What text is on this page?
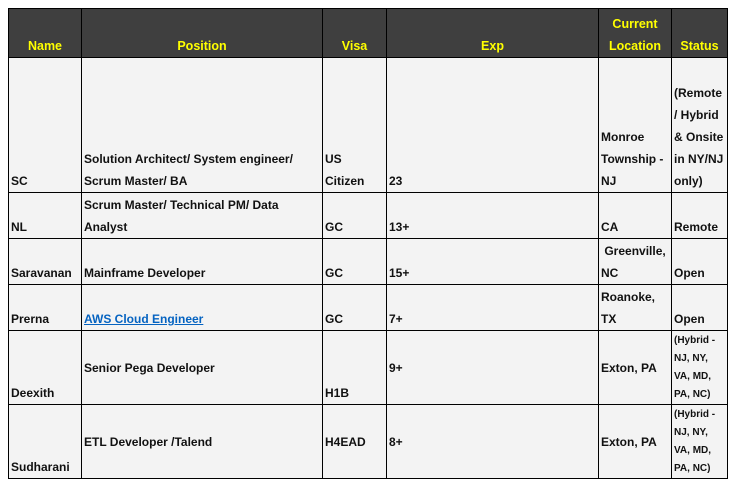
Name	Position	Visa	Exp	Current Location	Status
SC	Solution Architect/ System engineer/ Scrum Master/ BA	US Citizen	23	Monroe Township - NJ	(Remote / Hybrid & Onsite in NY/NJ only)
NL	Scrum Master/ Technical PM/ Data Analyst	GC	13+	CA	Remote
Saravanan	Mainframe Developer	GC	15+	Greenville, NC	Open
Prerna	AWS Cloud Engineer	GC	7+	Roanoke, TX	Open
Deexith	Senior Pega Developer	H1B	9+	Exton, PA	(Hybrid - NJ, NY, VA, MD, PA, NC)
Sudharani	ETL Developer /Talend	H4EAD	8+	Exton, PA	(Hybrid - NJ, NY, VA, MD, PA, NC)
